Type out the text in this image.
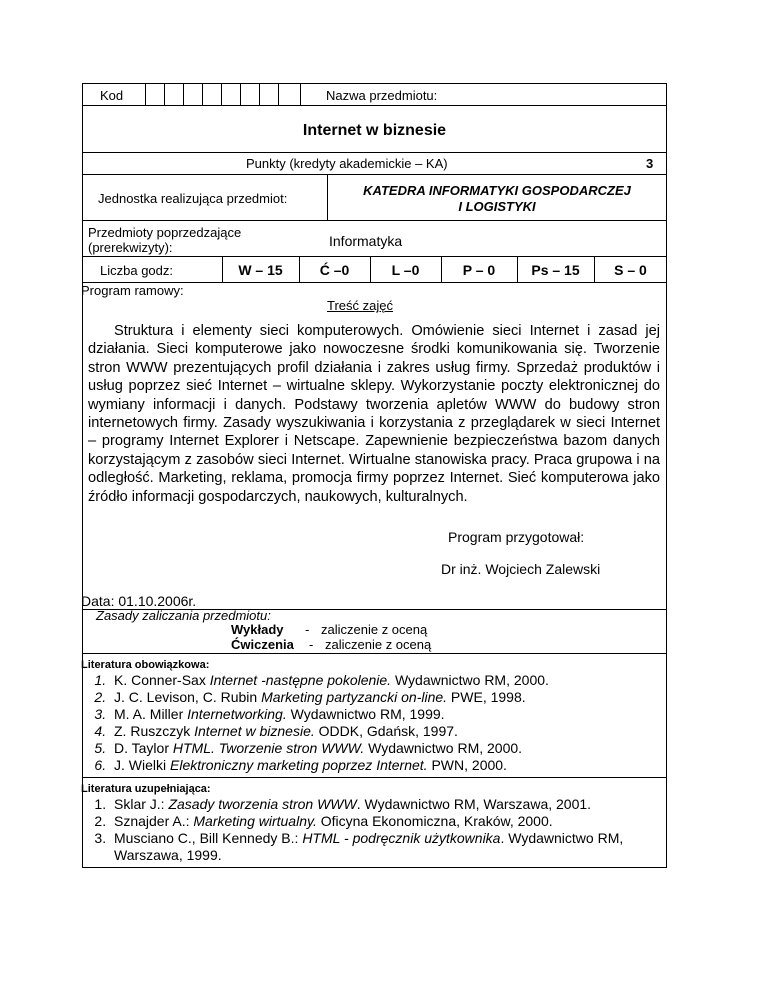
Kod	Nazwa przedmiotu:
Internet w biznesie
Punkty (kredyty akademickie – KA)	3
Jednostka realizująca przedmiot:
KATEDRA INFORMATYKI GOSPODARCZEJ
I LOGISTYKI
Przedmioty poprzedzające
(prerekwizyty):	Informatyka
Liczba godz:	W – 15	Ć –0	L –0	P – 0	Ps – 15	S – 0
Program ramowy:
Treść zajęć
Struktura i elementy sieci komputerowych. Omówienie sieci Internet i zasad jej działania. Sieci komputerowe jako nowoczesne środki komunikowania się. Tworzenie stron WWW prezentujących profil działania i zakres usług firmy. Sprzedaż produktów i usług poprzez sieć Internet – wirtualne sklepy. Wykorzystanie poczty elektronicznej do wymiany informacji i danych. Podstawy tworzenia apletów WWW do budowy stron internetowych firmy. Zasady wyszukiwania i korzystania z przeglądarek w sieci Internet – programy Internet Explorer i Netscape. Zapewnienie bezpieczeństwa bazom danych korzystającym z zasobów sieci Internet. Wirtualne stanowiska pracy. Praca grupowa i na odległość. Marketing, reklama, promocja firmy poprzez Internet. Sieć komputerowa jako źródło informacji gospodarczych, naukowych, kulturalnych.
Program przygotował:
Dr inż. Wojciech Zalewski
Data: 01.10.2006r.
Zasady zaliczania przedmiotu:
Wykłady - zaliczenie z oceną
Ćwiczenia - zaliczenie z oceną
Literatura obowiązkowa:
1. K. Conner-Sax Internet -następne pokolenie. Wydawnictwo RM, 2000.
2. J. C. Levison, C. Rubin Marketing partyzancki on-line. PWE, 1998.
3. M. A. Miller Internetworking. Wydawnictwo RM, 1999.
4. Z. Ruszczyk Internet w biznesie. ODDK, Gdańsk, 1997.
5. D. Taylor HTML. Tworzenie stron WWW. Wydawnictwo RM, 2000.
6. J. Wielki Elektroniczny marketing poprzez Internet. PWN, 2000.
Literatura uzupełniająca:
1. Sklar J.: Zasady tworzenia stron WWW. Wydawnictwo RM, Warszawa, 2001.
2. Sznajder A.: Marketing wirtualny. Oficyna Ekonomiczna, Kraków, 2000.
3. Musciano C., Bill Kennedy B.: HTML - podręcznik użytkownika. Wydawnictwo RM, Warszawa, 1999.
